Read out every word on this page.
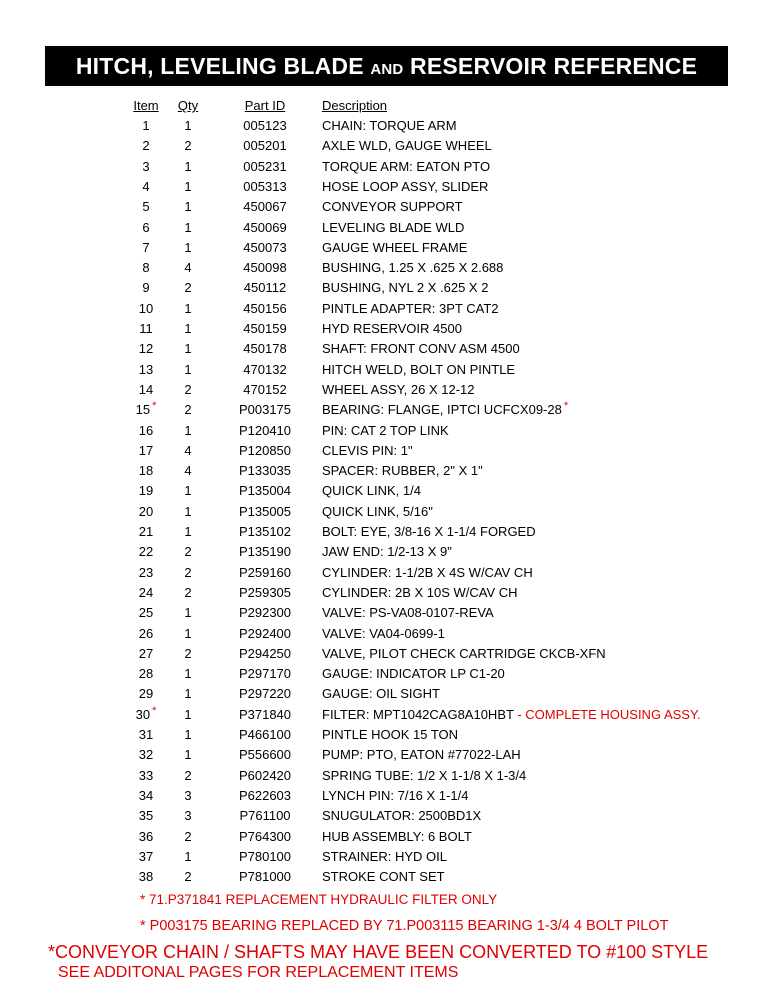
HITCH, LEVELING BLADE AND RESERVOIR REFERENCE
Item	Qty	Part ID	Description
1	1	005123	CHAIN: TORQUE ARM
2	2	005201	AXLE WLD, GAUGE WHEEL
3	1	005231	TORQUE ARM: EATON PTO
4	1	005313	HOSE LOOP ASSY, SLIDER
5	1	450067	CONVEYOR SUPPORT
6	1	450069	LEVELING BLADE WLD
7	1	450073	GAUGE WHEEL FRAME
8	4	450098	BUSHING, 1.25 X .625 X 2.688
9	2	450112	BUSHING, NYL 2 X .625 X 2
10	1	450156	PINTLE ADAPTER: 3PT CAT2
11	1	450159	HYD RESERVOIR 4500
12	1	450178	SHAFT: FRONT CONV ASM 4500
13	1	470132	HITCH WELD, BOLT ON PINTLE
14	2	470152	WHEEL ASSY, 26 X 12-12
15 *	2	P003175	BEARING: FLANGE, IPTCI UCFCX09-28 *
16	1	P120410	PIN: CAT 2 TOP LINK
17	4	P120850	CLEVIS PIN: 1"
18	4	P133035	SPACER: RUBBER, 2" X 1"
19	1	P135004	QUICK LINK, 1/4
20	1	P135005	QUICK LINK, 5/16"
21	1	P135102	BOLT: EYE, 3/8-16 X 1-1/4 FORGED
22	2	P135190	JAW END: 1/2-13 X 9"
23	2	P259160	CYLINDER: 1-1/2B X 4S W/CAV CH
24	2	P259305	CYLINDER: 2B X 10S W/CAV CH
25	1	P292300	VALVE: PS-VA08-0107-REVA
26	1	P292400	VALVE: VA04-0699-1
27	2	P294250	VALVE, PILOT CHECK CARTRIDGE CKCB-XFN
28	1	P297170	GAUGE: INDICATOR LP C1-20
29	1	P297220	GAUGE: OIL SIGHT
30 *	1	P371840	FILTER: MPT1042CAG8A10HBT - COMPLETE HOUSING ASSY.
31	1	P466100	PINTLE HOOK 15 TON
32	1	P556600	PUMP: PTO, EATON #77022-LAH
33	2	P602420	SPRING TUBE: 1/2 X 1-1/8 X 1-3/4
34	3	P622603	LYNCH PIN: 7/16 X 1-1/4
35	3	P761100	SNUGULATOR: 2500BD1X
36	2	P764300	HUB ASSEMBLY: 6 BOLT
37	1	P780100	STRAINER: HYD OIL
38	2	P781000	STROKE CONT SET
* 71.P371841 REPLACEMENT HYDRAULIC FILTER ONLY
* P003175 BEARING REPLACED BY 71.P003115 BEARING 1-3/4 4 BOLT PILOT
*CONVEYOR CHAIN / SHAFTS MAY HAVE BEEN CONVERTED TO #100 STYLE
SEE ADDITONAL PAGES FOR REPLACEMENT ITEMS
